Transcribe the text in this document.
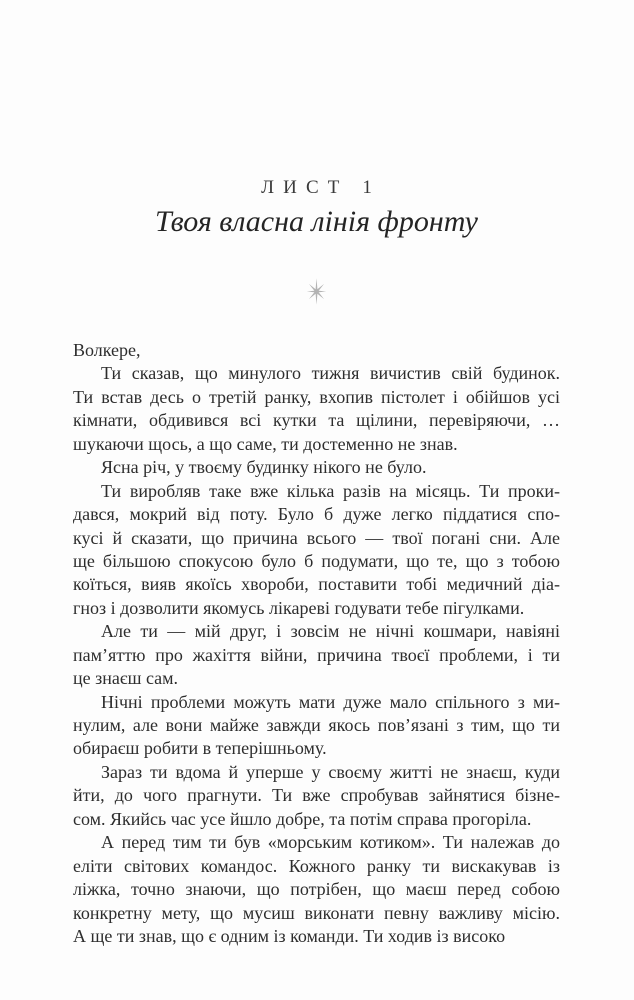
ЛИСТ 1
Твоя власна лінія фронту
Волкере,
Ти сказав, що минулого тижня вичистив свій будинок.
Ти встав десь о третій ранку, вхопив пістолет і обійшов усі
кімнати, обдивився всі кутки та щілини, перевіряючи, …
шукаючи щось, а що саме, ти достеменно не знав.
Ясна річ, у твоєму будинку нікого не було.
Ти виробляв таке вже кілька разів на місяць. Ти проки-
дався, мокрий від поту. Було б дуже легко піддатися спо-
кусі й сказати, що причина всього — твої погані сни. Але
ще більшою спокусою було б подумати, що те, що з тобою
коїться, вияв якоїсь хвороби, поставити тобі медичний діа-
гноз і дозволити якомусь лікареві годувати тебе пігулками.
Але ти — мій друг, і зовсім не нічні кошмари, навіяні
пам’яттю про жахіття війни, причина твоєї проблеми, і ти
це знаєш сам.
Нічні проблеми можуть мати дуже мало спільного з ми-
нулим, але вони майже завжди якось пов’язані з тим, що ти
обираєш робити в теперішньому.
Зараз ти вдома й уперше у своєму житті не знаєш, куди
йти, до чого прагнути. Ти вже спробував зайнятися бізне-
сом. Якийсь час усе йшло добре, та потім справа прогоріла.
А перед тим ти був «морським котиком». Ти належав до
еліти світових командос. Кожного ранку ти вискакував із
ліжка, точно знаючи, що потрібен, що маєш перед собою
конкретну мету, що мусиш виконати певну важливу місію.
А ще ти знав, що є одним із команди. Ти ходив із високо
